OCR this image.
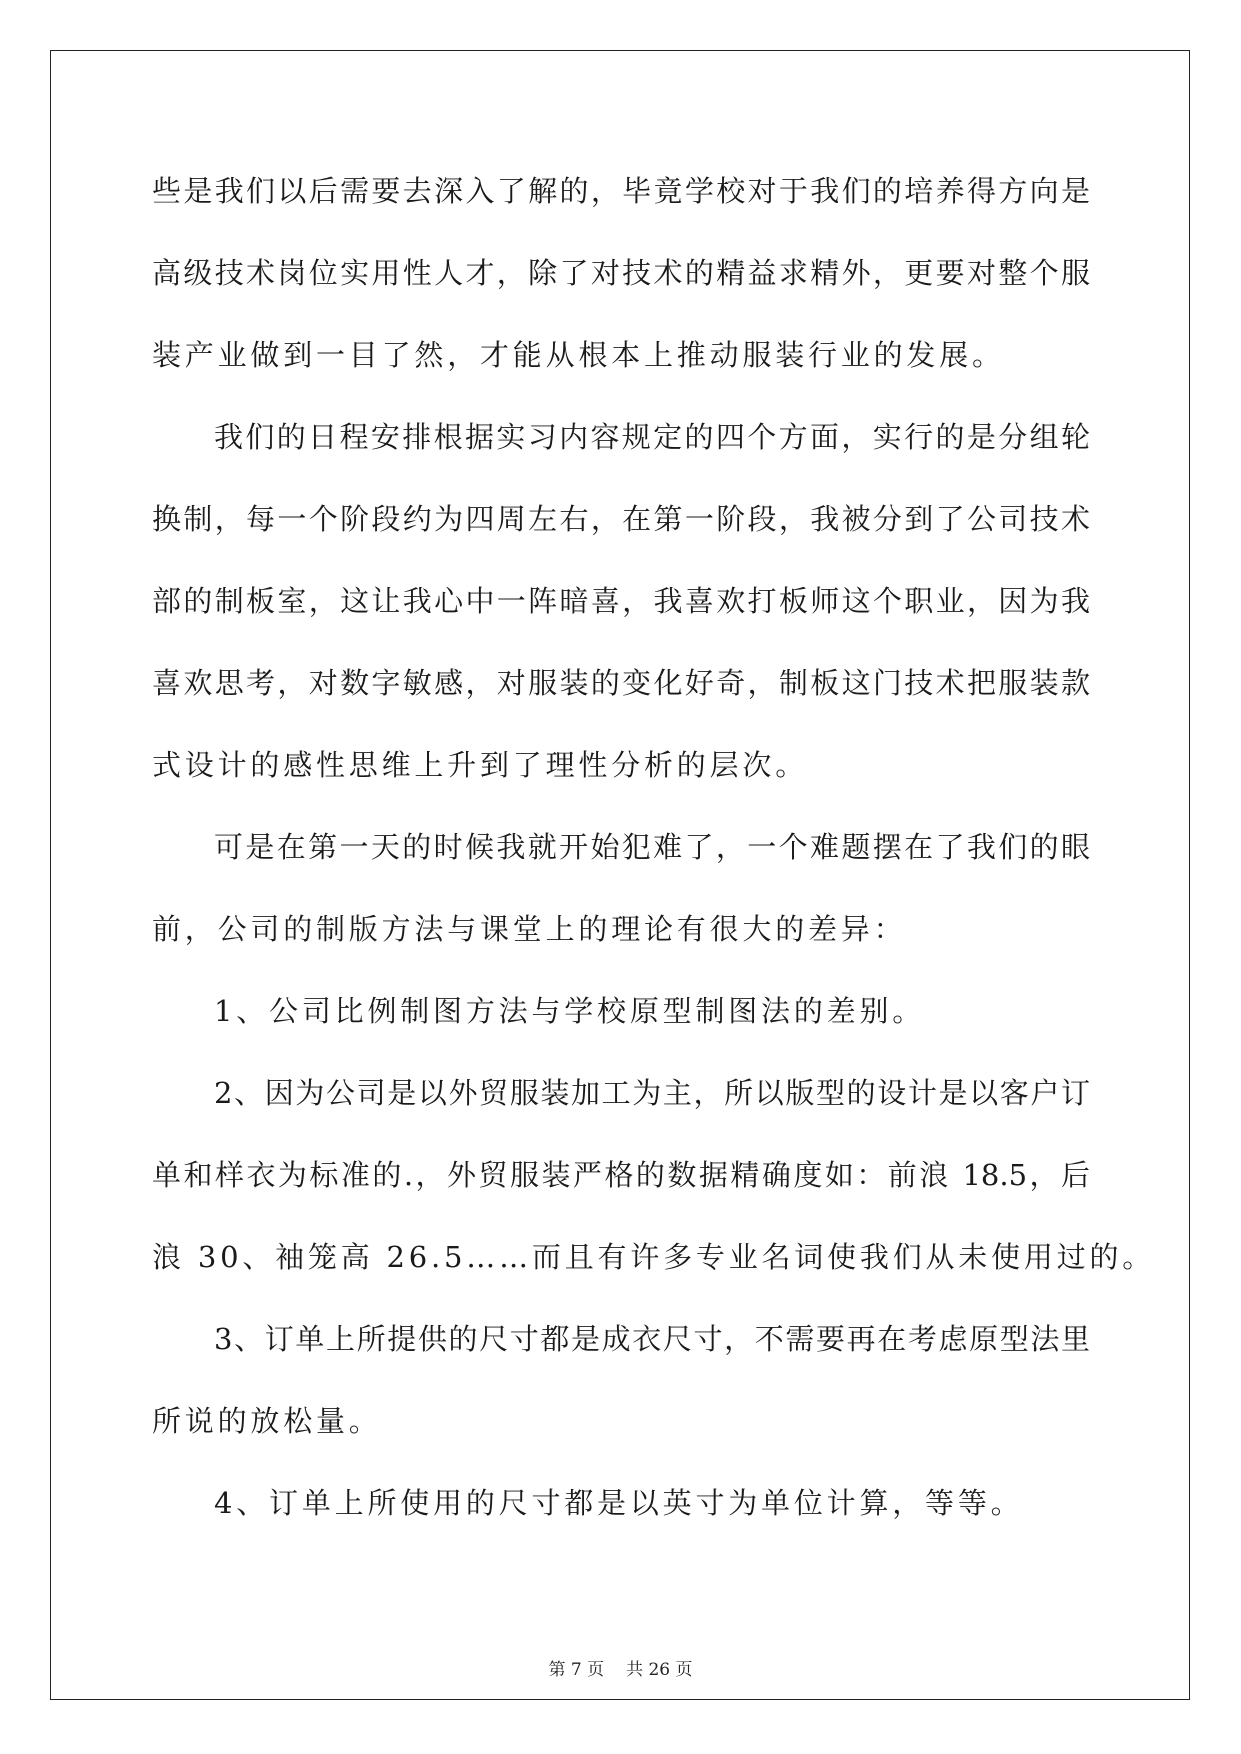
些是我们以后需要去深入了解的，毕竟学校对于我们的培养得方向是
高级技术岗位实用性人才，除了对技术的精益求精外，更要对整个服
装产业做到一目了然，才能从根本上推动服装行业的发展。
我们的日程安排根据实习内容规定的四个方面，实行的是分组轮
换制，每一个阶段约为四周左右，在第一阶段，我被分到了公司技术
部的制板室，这让我心中一阵暗喜，我喜欢打板师这个职业，因为我
喜欢思考，对数字敏感，对服装的变化好奇，制板这门技术把服装款
式设计的感性思维上升到了理性分析的层次。
可是在第一天的时候我就开始犯难了，一个难题摆在了我们的眼
前，公司的制版方法与课堂上的理论有很大的差异：
1、公司比例制图方法与学校原型制图法的差别。
2、因为公司是以外贸服装加工为主，所以版型的设计是以客户订
单和样衣为标准的.，外贸服装严格的数据精确度如：前浪 18.5，后
浪 30、袖笼高 26.5……而且有许多专业名词使我们从未使用过的。
3、订单上所提供的尺寸都是成衣尺寸，不需要再在考虑原型法里
所说的放松量。
4、订单上所使用的尺寸都是以英寸为单位计算，等等。
第 7 页 共 26 页
